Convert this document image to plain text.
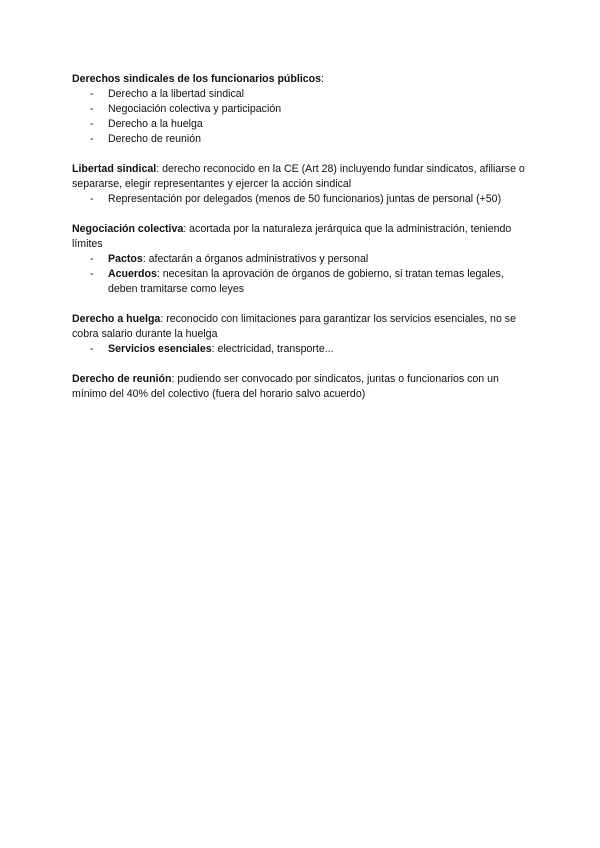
Derechos sindicales de los funcionarios públicos:

- Derecho a la libertad sindical
- Negociación colectiva y participación
- Derecho a la huelga
- Derecho de reunión

Libertad sindical: derecho reconocido en la CE (Art 28) incluyendo fundar sindicatos, afiliarse o separarse, elegir representantes y ejercer la acción sindical

- Representación por delegados (menos de 50 funcionarios) juntas de personal (+50)

Negociación colectiva: acortada por la naturaleza jerárquica que la administración, teniendo límites

- Pactos: afectarán a órganos administrativos y personal
- Acuerdos: necesitan la aprovación de órganos de gobierno, si tratan temas legales, deben tramitarse como leyes

Derecho a huelga: reconocido con limitaciones para garantizar los servicios esenciales, no se cobra salario durante la huelga

- Servicios esenciales: electricidad, transporte...

Derecho de reunión: pudiendo ser convocado por sindicatos, juntas o funcionarios con un mínimo del 40% del colectivo (fuera del horario salvo acuerdo)
